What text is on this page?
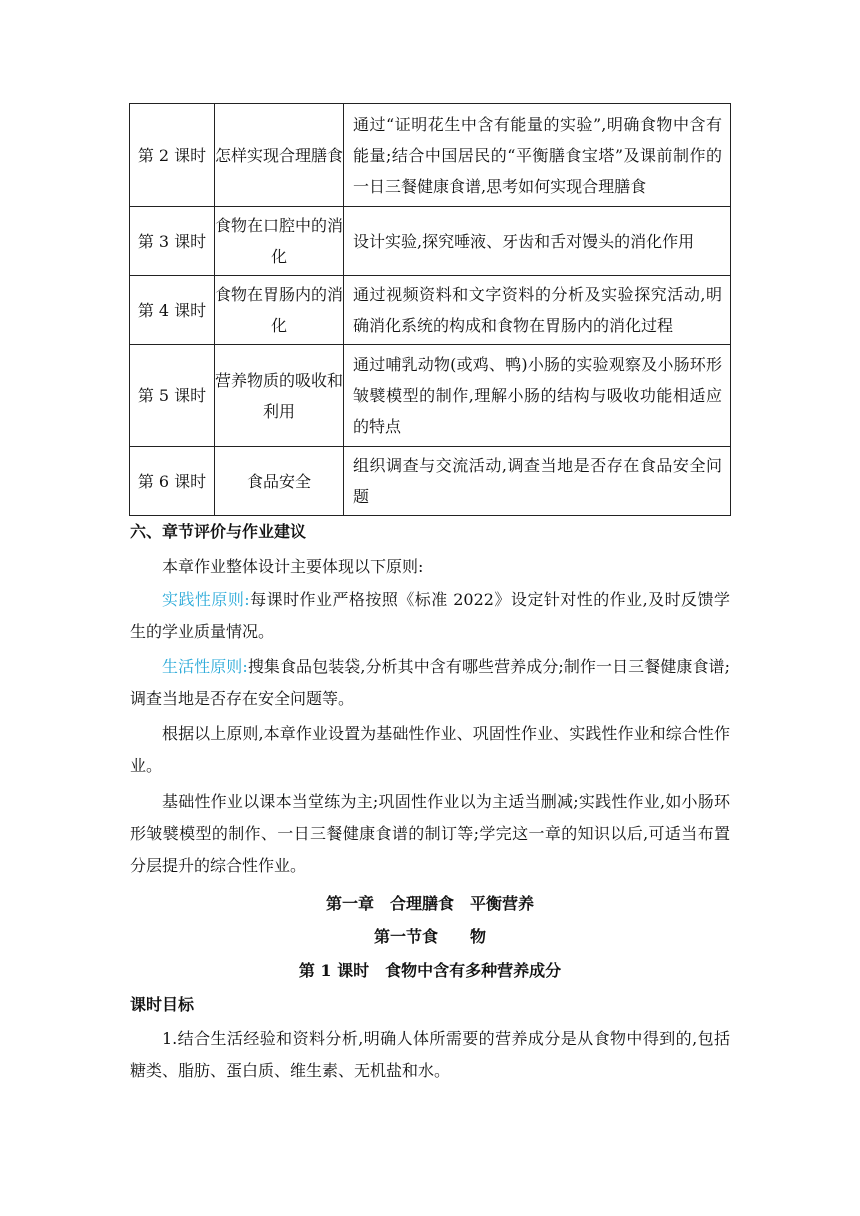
第 2 课时	怎样实现合理膳食	通过“证明花生中含有能量的实验”,明确食物中含有能量;结合中国居民的“平衡膳食宝塔”及课前制作的一日三餐健康食谱,思考如何实现合理膳食
第 3 课时	食物在口腔中的消化	设计实验,探究唾液、牙齿和舌对馒头的消化作用
第 4 课时	食物在胃肠内的消化	通过视频资料和文字资料的分析及实验探究活动,明确消化系统的构成和食物在胃肠内的消化过程
第 5 课时	营养物质的吸收和利用	通过哺乳动物(或鸡、鸭)小肠的实验观察及小肠环形皱襞模型的制作,理解小肠的结构与吸收功能相适应的特点
第 6 课时	食品安全	组织调查与交流活动,调查当地是否存在食品安全问题

六、章节评价与作业建议

本章作业整体设计主要体现以下原则:

实践性原则:每课时作业严格按照《标准 2022》设定针对性的作业,及时反馈学生的学业质量情况。

生活性原则:搜集食品包装袋,分析其中含有哪些营养成分;制作一日三餐健康食谱;调查当地是否存在安全问题等。

根据以上原则,本章作业设置为基础性作业、巩固性作业、实践性作业和综合性作业。

基础性作业以课本当堂练为主;巩固性作业以为主适当删减;实践性作业,如小肠环形皱襞模型的制作、一日三餐健康食谱的制订等;学完这一章的知识以后,可适当布置分层提升的综合性作业。

第一章　合理膳食　平衡营养

第一节食　　物

第 1 课时　食物中含有多种营养成分

课时目标

1.结合生活经验和资料分析,明确人体所需要的营养成分是从食物中得到的,包括糖类、脂肪、蛋白质、维生素、无机盐和水。
